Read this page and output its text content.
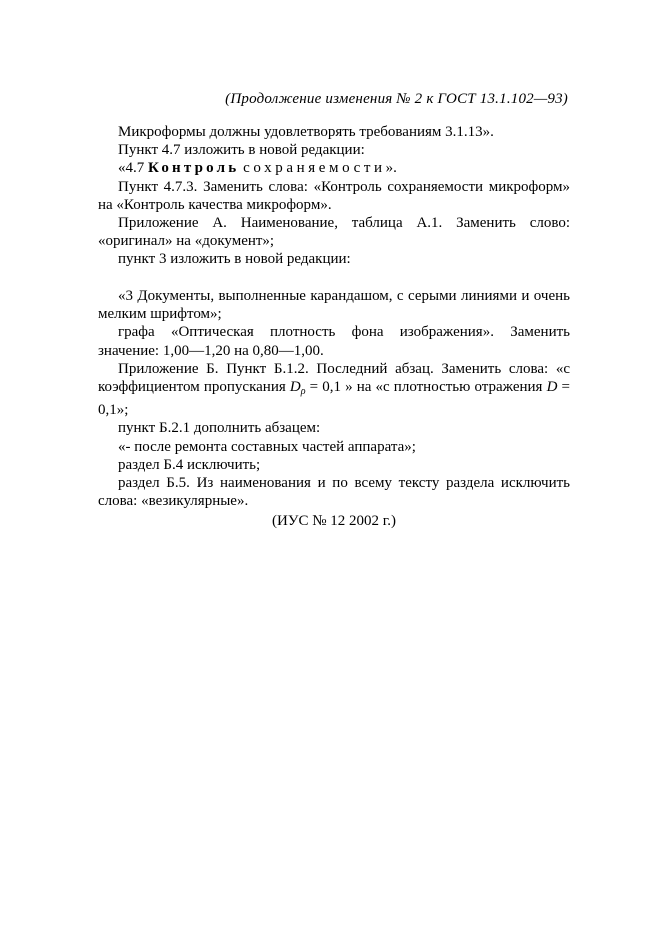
(Продолжение изменения № 2 к ГОСТ 13.1.102—93)

Микроформы должны удовлетворять требованиям 3.1.13».

Пункт 4.7 изложить в новой редакции:

«4.7 Контроль сохраняемости».

Пункт 4.7.3. Заменить слова: «Контроль сохраняемости микроформ» на «Контроль качества микроформ».

Приложение А. Наименование, таблица А.1. Заменить слово: «оригинал» на «документ»;

пункт 3 изложить в новой редакции:

«3 Документы, выполненные карандашом, с серыми линиями и очень мелким шрифтом»;

графа «Оптическая плотность фона изображения». Заменить значение: 1,00—1,20 на 0,80—1,00.

Приложение Б. Пункт Б.1.2. Последний абзац. Заменить слова: «с коэффициентом пропускания $D_\rho = 0,1$ » на «с плотностью отражения D = 0,1»;

пункт Б.2.1 дополнить абзацем:

«- после ремонта составных частей аппарата»;

раздел Б.4 исключить;

раздел Б.5. Из наименования и по всему тексту раздела исключить слова: «везикулярные».

(ИУС № 12 2002 г.)
